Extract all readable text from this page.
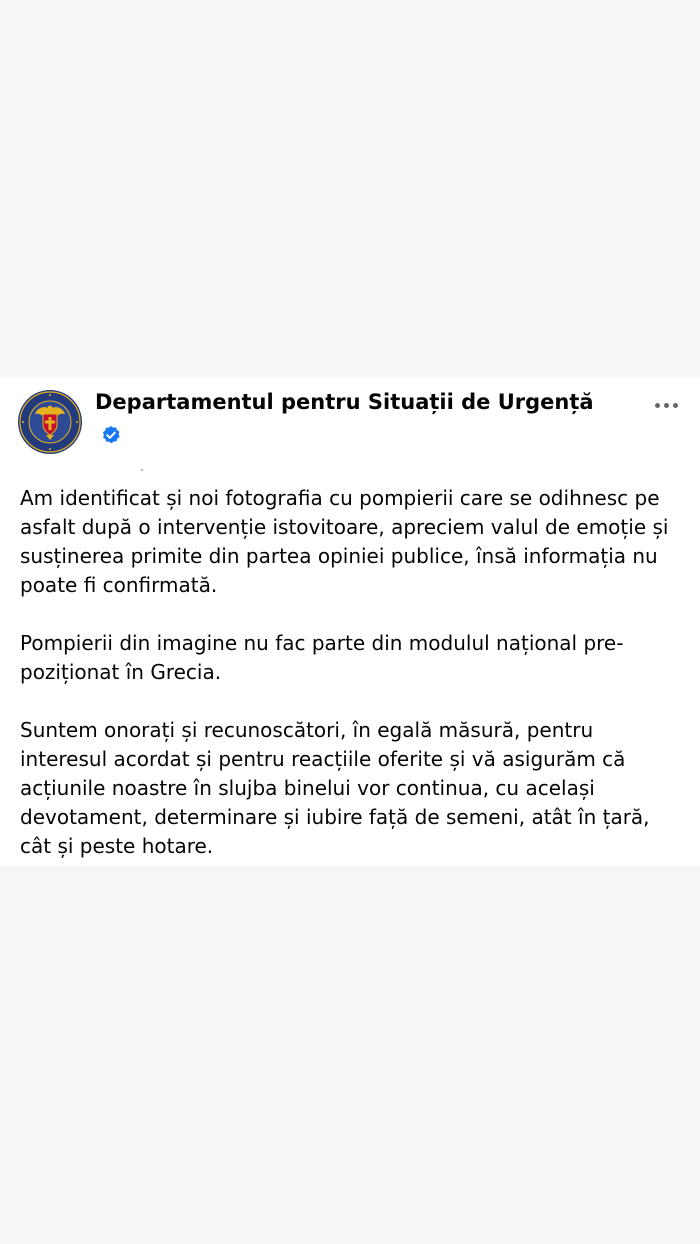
Departamentul pentru Situații de Urgență

Am identificat și noi fotografia cu pompierii care se odihnesc pe asfalt după o intervenție istovitoare, apreciem valul de emoție și susținerea primite din partea opiniei publice, însă informația nu poate fi confirmată.

Pompierii din imagine nu fac parte din modulul național pre-poziționat în Grecia.

Suntem onorați și recunoscători, în egală măsură, pentru interesul acordat și pentru reacțiile oferite și vă asigurăm că acțiunile noastre în slujba binelui vor continua, cu același devotament, determinare și iubire față de semeni, atât în țară, cât și peste hotare.
